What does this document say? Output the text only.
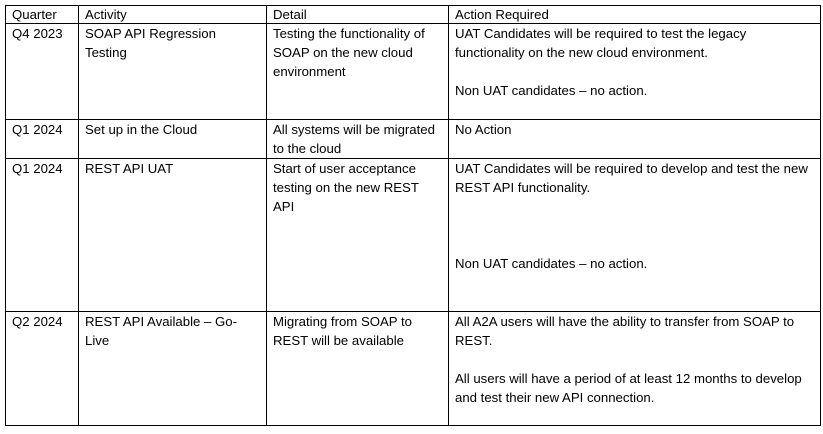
Quarter	Activity	Detail	Action Required
Q4 2023	SOAP API Regression Testing	Testing the functionality of SOAP on the new cloud environment	UAT Candidates will be required to test the legacy functionality on the new cloud environment.

Non UAT candidates – no action.

Q1 2024	Set up in the Cloud	All systems will be migrated to the cloud	No Action

Q1 2024	REST API UAT	Start of user acceptance testing on the new REST API	UAT Candidates will be required to develop and test the new REST API functionality.

Non UAT candidates – no action.

Q2 2024	REST API Available – Go-Live	Migrating from SOAP to REST will be available	All A2A users will have the ability to transfer from SOAP to REST.

All users will have a period of at least 12 months to develop and test their new API connection.
